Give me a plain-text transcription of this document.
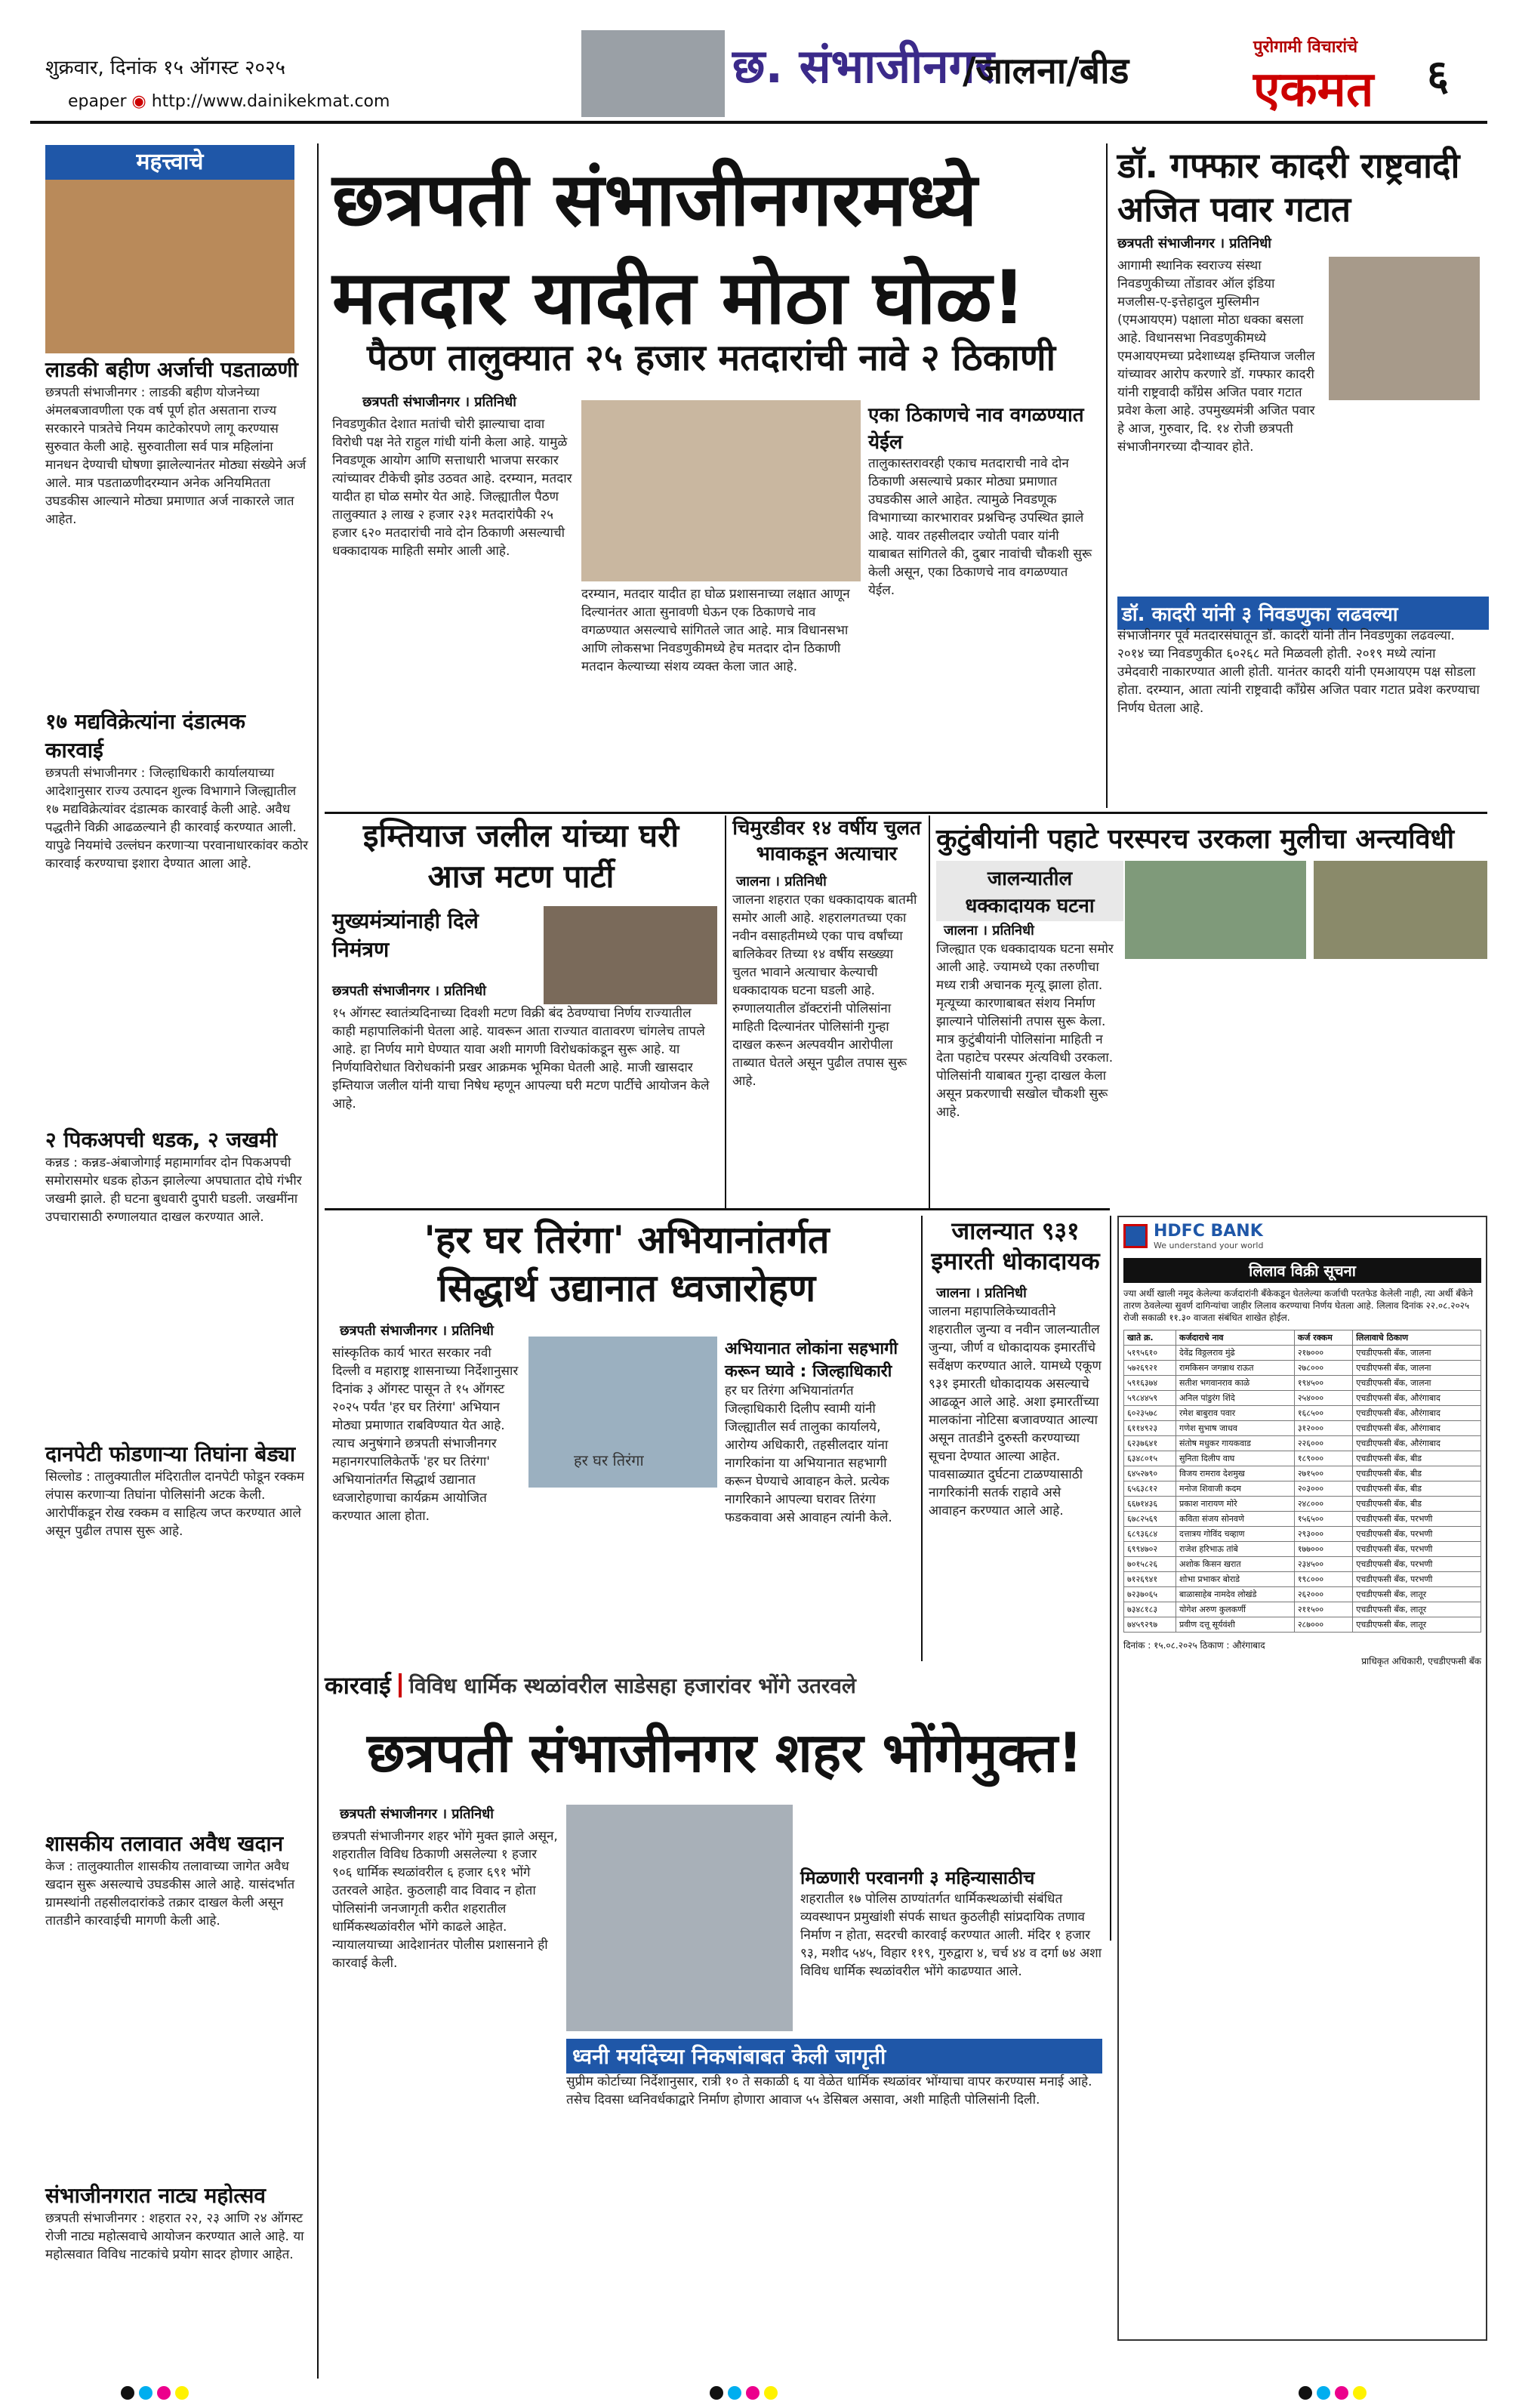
शुक्रवार, दिनांक १५ ऑगस्ट २०२५
epaper ◉ http://www.dainikekmat.com
छ. संभाजीनगर
/जालना/बीड
पुरोगामी विचारांचे
एकमत ६
महत्त्वाचे
लाडकी बहीण अर्जाची पडताळणी
छत्रपती संभाजीनगर : लाडकी बहीण योजनेच्या अंमलबजावणीला एक वर्ष पूर्ण होत असताना राज्य सरकारने पात्रतेचे नियम काटेकोरपणे लागू करण्यास सुरुवात केली आहे. सुरुवातीला सर्व पात्र महिलांना मानधन देण्याची घोषणा झालेल्यानंतर मोठ्या संख्येने अर्ज आले. मात्र पडताळणीदरम्यान अनेक अनियमितता उघडकीस आल्याने मोठ्या प्रमाणात अर्ज नाकारले जात आहेत.
१७ मद्यविक्रेत्यांना दंडात्मक कारवाई
छत्रपती संभाजीनगर : जिल्हाधिकारी कार्यालयाच्या आदेशानुसार राज्य उत्पादन शुल्क विभागाने जिल्ह्यातील १७ मद्यविक्रेत्यांवर दंडात्मक कारवाई केली आहे. अवैध पद्धतीने विक्री आढळल्याने ही कारवाई करण्यात आली. यापुढे नियमांचे उल्लंघन करणाऱ्या परवानाधारकांवर कठोर कारवाई करण्याचा इशारा देण्यात आला आहे.
२ पिकअपची धडक, २ जखमी
कन्नड : कन्नड-अंबाजोगाई महामार्गावर दोन पिकअपची समोरासमोर धडक होऊन झालेल्या अपघातात दोघे गंभीर जखमी झाले. ही घटना बुधवारी दुपारी घडली. जखमींना उपचारासाठी रुग्णालयात दाखल करण्यात आले.
दानपेटी फोडणाऱ्या तिघांना बेड्या
सिल्लोड : तालुक्यातील मंदिरातील दानपेटी फोडून रक्कम लंपास करणाऱ्या तिघांना पोलिसांनी अटक केली. आरोपींकडून रोख रक्कम व साहित्य जप्त करण्यात आले असून पुढील तपास सुरू आहे.
शासकीय तलावात अवैध खदान
केज : तालुक्यातील शासकीय तलावाच्या जागेत अवैध खदान सुरू असल्याचे उघडकीस आले आहे. यासंदर्भात ग्रामस्थांनी तहसीलदारांकडे तक्रार दाखल केली असून तातडीने कारवाईची मागणी केली आहे.
संभाजीनगरात नाट्य महोत्सव
छत्रपती संभाजीनगर : शहरात २२, २३ आणि २४ ऑगस्ट रोजी नाट्य महोत्सवाचे आयोजन करण्यात आले आहे. या महोत्सवात विविध नाटकांचे प्रयोग सादर होणार आहेत.
छत्रपती संभाजीनगरमध्ये
मतदार यादीत मोठा घोळ!
पैठण तालुक्यात २५ हजार मतदारांची नावे २ ठिकाणी
छत्रपती संभाजीनगर । प्रतिनिधी
निवडणुकीत देशात मतांची चोरी झाल्याचा दावा विरोधी पक्ष नेते राहुल गांधी यांनी केला आहे. यामुळे निवडणूक आयोग आणि सत्ताधारी भाजपा सरकार त्यांच्यावर टीकेची झोड उठवत आहे. दरम्यान, मतदार यादीत हा घोळ समोर येत आहे. जिल्ह्यातील पैठण तालुक्यात ३ लाख २ हजार २३१ मतदारांपैकी २५ हजार ६२० मतदारांची नावे दोन ठिकाणी असल्याची धक्कादायक माहिती समोर आली आहे.
दरम्यान, मतदार यादीत हा घोळ प्रशासनाच्या लक्षात आणून दिल्यानंतर आता सुनावणी घेऊन एक ठिकाणचे नाव वगळण्यात असल्याचे सांगितले जात आहे. मात्र विधानसभा आणि लोकसभा निवडणुकीमध्ये हेच मतदार दोन ठिकाणी मतदान केल्याच्या संशय व्यक्त केला जात आहे.
एका ठिकाणचे नाव वगळण्यात येईल
तालुकास्तरावरही एकाच मतदाराची नावे दोन ठिकाणी असल्याचे प्रकार मोठ्या प्रमाणात उघडकीस आले आहेत. त्यामुळे निवडणूक विभागाच्या कारभारावर प्रश्नचिन्ह उपस्थित झाले आहे. यावर तहसीलदार ज्योती पवार यांनी याबाबत सांगितले की, दुबार नावांची चौकशी सुरू केली असून, एका ठिकाणचे नाव वगळण्यात येईल.
डॉ. गफ्फार कादरी राष्ट्रवादी अजित पवार गटात
छत्रपती संभाजीनगर । प्रतिनिधी
आगामी स्थानिक स्वराज्य संस्था निवडणुकीच्या तोंडावर ऑल इंडिया मजलीस-ए-इत्तेहादुल मुस्लिमीन (एमआयएम) पक्षाला मोठा धक्का बसला आहे. विधानसभा निवडणुकीमध्ये एमआयएमच्या प्रदेशाध्यक्ष इम्तियाज जलील यांच्यावर आरोप करणारे डॉ. गफ्फार कादरी यांनी राष्ट्रवादी काँग्रेस अजित पवार गटात प्रवेश केला आहे. उपमुख्यमंत्री अजित पवार हे आज, गुरुवार, दि. १४ रोजी छत्रपती संभाजीनगरच्या दौऱ्यावर होते.
डॉ. कादरी यांनी ३ निवडणुका लढवल्या
संभाजीनगर पूर्व मतदारसंघातून डॉ. कादरी यांनी तीन निवडणुका लढवल्या. २०१४ च्या निवडणुकीत ६०२६८ मते मिळवली होती. २०१९ मध्ये त्यांना उमेदवारी नाकारण्यात आली होती. यानंतर कादरी यांनी एमआयएम पक्ष सोडला होता. दरम्यान, आता त्यांनी राष्ट्रवादी काँग्रेस अजित पवार गटात प्रवेश करण्याचा निर्णय घेतला आहे.
इम्तियाज जलील यांच्या घरी आज मटण पार्टी
मुख्यमंत्र्यांनाही दिले निमंत्रण
छत्रपती संभाजीनगर । प्रतिनिधी
१५ ऑगस्ट स्वातंत्र्यदिनाच्या दिवशी मटण विक्री बंद ठेवण्याचा निर्णय राज्यातील काही महापालिकांनी घेतला आहे. यावरून आता राज्यात वातावरण चांगलेच तापले आहे. हा निर्णय मागे घेण्यात यावा अशी मागणी विरोधकांकडून सुरू आहे. या निर्णयाविरोधात विरोधकांनी प्रखर आक्रमक भूमिका घेतली आहे. माजी खासदार इम्तियाज जलील यांनी याचा निषेध म्हणून आपल्या घरी मटण पार्टीचे आयोजन केले आहे.
चिमुरडीवर १४ वर्षीय चुलत भावाकडून अत्याचार
जालना । प्रतिनिधी
जालना शहरात एका धक्कादायक बातमी समोर आली आहे. शहरालगतच्या एका नवीन वसाहतीमध्ये एका पाच वर्षांच्या बालिकेवर तिच्या १४ वर्षीय सख्ख्या चुलत भावाने अत्याचार केल्याची धक्कादायक घटना घडली आहे. रुग्णालयातील डॉक्टरांनी पोलिसांना माहिती दिल्यानंतर पोलिसांनी गुन्हा दाखल करून अल्पवयीन आरोपीला ताब्यात घेतले असून पुढील तपास सुरू आहे.
कुटुंबीयांनी पहाटे परस्परच उरकला मुलीचा अन्त्यविधी
जालन्यातील
धक्कादायक घटना
जालना । प्रतिनिधी
जिल्ह्यात एक धक्कादायक घटना समोर आली आहे. ज्यामध्ये एका तरुणीचा मध्य रात्री अचानक मृत्यू झाला होता. मृत्यूच्या कारणाबाबत संशय निर्माण झाल्याने पोलिसांनी तपास सुरू केला. मात्र कुटुंबीयांनी पोलिसांना माहिती न देता पहाटेच परस्पर अंत्यविधी उरकला. पोलिसांनी याबाबत गुन्हा दाखल केला असून प्रकरणाची सखोल चौकशी सुरू आहे.
'हर घर तिरंगा' अभियानांतर्गत
सिद्धार्थ उद्यानात ध्वजारोहण
छत्रपती संभाजीनगर । प्रतिनिधी
सांस्कृतिक कार्य भारत सरकार नवी दिल्ली व महाराष्ट्र शासनाच्या निर्देशानुसार दिनांक ३ ऑगस्ट पासून ते १५ ऑगस्ट २०२५ पर्यंत 'हर घर तिरंगा' अभियान मोठ्या प्रमाणात राबविण्यात येत आहे. त्याच अनुषंगाने छत्रपती संभाजीनगर महानगरपालिकेतर्फे 'हर घर तिरंगा' अभियानांतर्गत सिद्धार्थ उद्यानात ध्वजारोहणाचा कार्यक्रम आयोजित करण्यात आला होता.
हर घर तिरंगा
अभियानात लोकांना सहभागी करून घ्यावे : जिल्हाधिकारी
हर घर तिरंगा अभियानांतर्गत जिल्हाधिकारी दिलीप स्वामी यांनी जिल्ह्यातील सर्व तालुका कार्यालये, आरोग्य अधिकारी, तहसीलदार यांना नागरिकांना या अभियानात सहभागी करून घेण्याचे आवाहन केले. प्रत्येक नागरिकाने आपल्या घरावर तिरंगा फडकवावा असे आवाहन त्यांनी केले.
जालन्यात ९३१ इमारती धोकादायक
जालना । प्रतिनिधी
जालना महापालिकेच्यावतीने शहरातील जुन्या व नवीन जालन्यातील जुन्या, जीर्ण व धोकादायक इमारतींचे सर्वेक्षण करण्यात आले. यामध्ये एकूण ९३१ इमारती धोकादायक असल्याचे आढळून आले आहे. अशा इमारतींच्या मालकांना नोटिसा बजावण्यात आल्या असून तातडीने दुरुस्ती करण्याच्या सूचना देण्यात आल्या आहेत. पावसाळ्यात दुर्घटना टाळण्यासाठी नागरिकांनी सतर्क राहावे असे आवाहन करण्यात आले आहे.
HDFC BANK
We understand your world
लिलाव विक्री सूचना
ज्या अर्थी खाली नमूद केलेल्या कर्जदारांनी बँकेकडून घेतलेल्या कर्जाची परतफेड केलेली नाही, त्या अर्थी बँकेने तारण ठेवलेल्या सुवर्ण दागिन्यांचा जाहीर लिलाव करण्याचा निर्णय घेतला आहे. लिलाव दिनांक २२.०८.२०२५ रोजी सकाळी ११.३० वाजता संबंधित शाखेत होईल.
खाते क्र.	कर्जदाराचे नाव	कर्ज रक्कम	लिलावाचे ठिकाण
५१९५६१०	देवेंद्र विठ्ठलराव मुंढे	२१७०००	एचडीएफसी बँक, जालना
५७२६९२१	रामकिसन जगन्नाथ राऊत	२७८०००	एचडीएफसी बँक, जालना
५९१६३७४	सतीश भगवानराव काळे	१९४५००	एचडीएफसी बँक, जालना
५९८४४५९	अनिल पांडुरंग शिंदे	२५४०००	एचडीएफसी बँक, औरंगाबाद
६०२३५७८	रमेश बाबुराव पवार	१६८५००	एचडीएफसी बँक, औरंगाबाद
६११४९२३	गणेश सुभाष जाधव	३१२०००	एचडीएफसी बँक, औरंगाबाद
६२३७६४१	संतोष मधुकर गायकवाड	२२६०००	एचडीएफसी बँक, औरंगाबाद
६३४८०१५	सुनिता दिलीप वाघ	१८९०००	एचडीएफसी बँक, बीड
६४५२७९०	विजय रामराव देशमुख	२७१५००	एचडीएफसी बँक, बीड
६५६३८१२	मनोज शिवाजी कदम	२०३०००	एचडीएफसी बँक, बीड
६६७१४३६	प्रकाश नारायण मोरे	२४८०००	एचडीएफसी बँक, बीड
६७८२५६९	कविता संजय सोनवणे	१५६५००	एचडीएफसी बँक, परभणी
६८९३६८४	दत्तात्रय गोविंद चव्हाण	२९३०००	एचडीएफसी बँक, परभणी
६९९४७०२	राजेश हरिभाऊ तांबे	१७७०००	एचडीएफसी बँक, परभणी
७०१५८२६	अशोक किसन खरात	२३४५००	एचडीएफसी बँक, परभणी
७१२६९४१	शोभा प्रभाकर बोराडे	१९८०००	एचडीएफसी बँक, परभणी
७२३७०६५	बाळासाहेब नामदेव लोखंडे	२६२०००	एचडीएफसी बँक, लातूर
७३४८१८३	योगेश अरुण कुलकर्णी	२११५००	एचडीएफसी बँक, लातूर
७४५९२९७	प्रवीण दत्तू सूर्यवंशी	२८७०००	एचडीएफसी बँक, लातूर
दिनांक : १५.०८.२०२५ ठिकाण : औरंगाबाद
प्राधिकृत अधिकारी, एचडीएफसी बँक
कारवाई विविध धार्मिक स्थळांवरील साडेसहा हजारांवर भोंगे उतरवले
छत्रपती संभाजीनगर शहर भोंगेमुक्त!
छत्रपती संभाजीनगर । प्रतिनिधी
छत्रपती संभाजीनगर शहर भोंगे मुक्त झाले असून, शहरातील विविध ठिकाणी असलेल्या १ हजार ९०६ धार्मिक स्थळांवरील ६ हजार ६९१ भोंगे उतरवले आहेत. कुठलाही वाद विवाद न होता पोलिसांनी जनजागृती करीत शहरातील धार्मिकस्थळांवरील भोंगे काढले आहेत. न्यायालयाच्या आदेशानंतर पोलीस प्रशासनाने ही कारवाई केली.
मिळणारी परवानगी ३ महिन्यासाठीच
शहरातील १७ पोलिस ठाण्यांतर्गत धार्मिकस्थळांची संबंधित व्यवस्थापन प्रमुखांशी संपर्क साधत कुठलीही सांप्रदायिक तणाव निर्माण न होता, सदरची कारवाई करण्यात आली. मंदिर १ हजार ९३, मशीद ५४५, विहार ११९, गुरुद्वारा ४, चर्च ४४ व दर्गा ७४ अशा विविध धार्मिक स्थळांवरील भोंगे काढण्यात आले.
ध्वनी मर्यादेच्या निकषांबाबत केली जागृती
सुप्रीम कोर्टाच्या निर्देशानुसार, रात्री १० ते सकाळी ६ या वेळेत धार्मिक स्थळांवर भोंग्याचा वापर करण्यास मनाई आहे. तसेच दिवसा ध्वनिवर्धकाद्वारे निर्माण होणारा आवाज ५५ डेसिबल असावा, अशी माहिती पोलिसांनी दिली.
